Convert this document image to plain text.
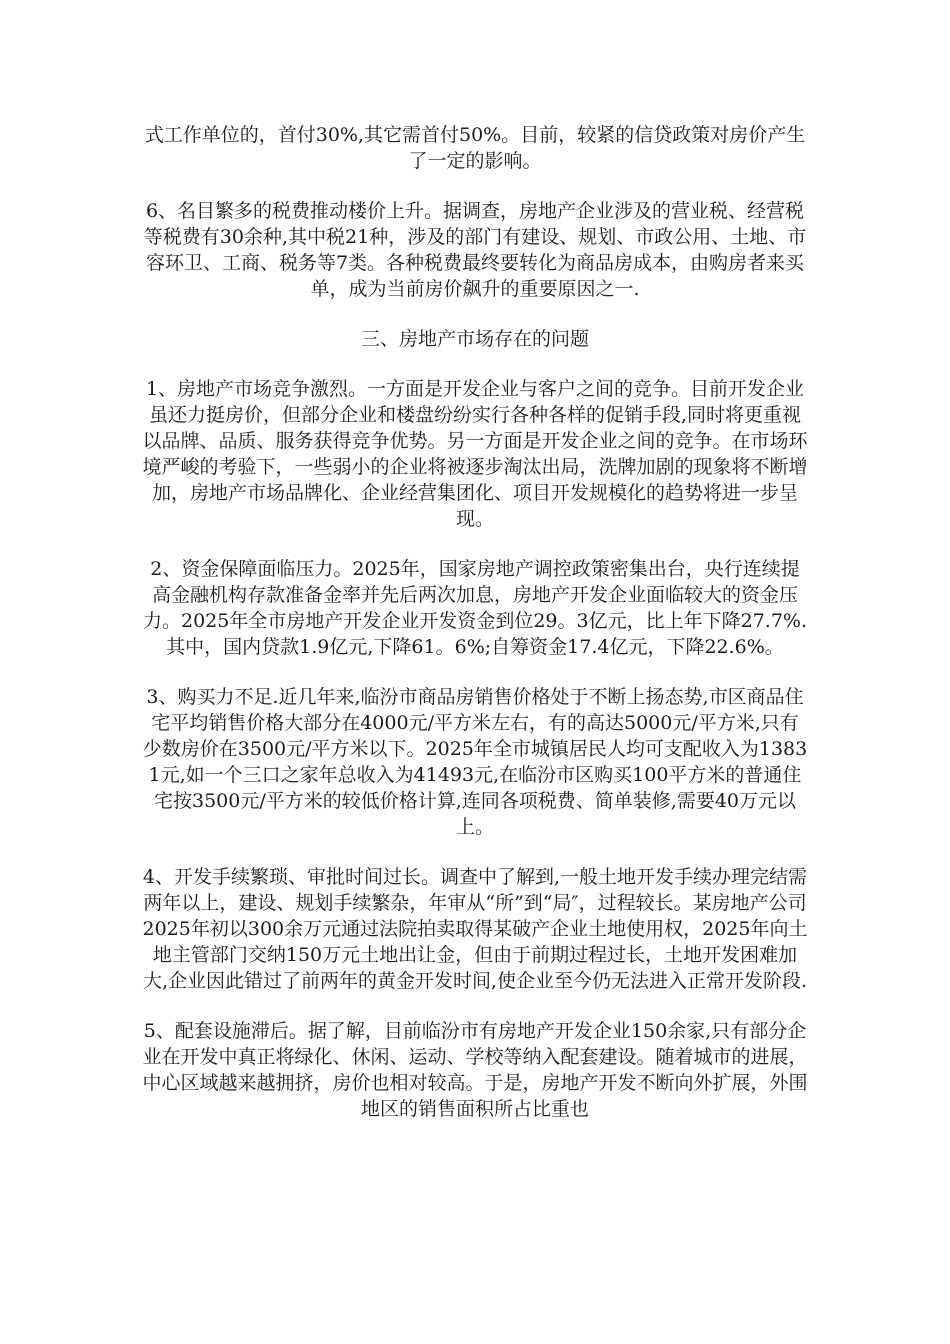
式工作单位的，首付30%,其它需首付50%。目前，较紧的信贷政策对房价产生了一定的影响。

6、名目繁多的税费推动楼价上升。据调查，房地产企业涉及的营业税、经营税等税费有30余种,其中税21种，涉及的部门有建设、规划、市政公用、土地、市容环卫、工商、税务等7类。各种税费最终要转化为商品房成本，由购房者来买单，成为当前房价飙升的重要原因之一.

三、房地产市场存在的问题

1、房地产市场竞争激烈。一方面是开发企业与客户之间的竞争。目前开发企业虽还力挺房价，但部分企业和楼盘纷纷实行各种各样的促销手段,同时将更重视以品牌、品质、服务获得竞争优势。另一方面是开发企业之间的竞争。在市场环境严峻的考验下，一些弱小的企业将被逐步淘汰出局，洗牌加剧的现象将不断增加，房地产市场品牌化、企业经营集团化、项目开发规模化的趋势将进一步呈现。

2、资金保障面临压力。2025年，国家房地产调控政策密集出台，央行连续提高金融机构存款准备金率并先后两次加息，房地产开发企业面临较大的资金压力。2025年全市房地产开发企业开发资金到位29。3亿元，比上年下降27.7%.其中，国内贷款1.9亿元,下降61。6%;自筹资金17.4亿元，下降22.6%。

3、购买力不足.近几年来,临汾市商品房销售价格处于不断上扬态势,市区商品住宅平均销售价格大部分在4000元/平方米左右，有的高达5000元/平方米,只有少数房价在3500元/平方米以下。2025年全市城镇居民人均可支配收入为13831元,如一个三口之家年总收入为41493元,在临汾市区购买100平方米的普通住宅按3500元/平方米的较低价格计算,连同各项税费、简单装修,需要40万元以上。

4、开发手续繁琐、审批时间过长。调查中了解到,一般土地开发手续办理完结需两年以上，建设、规划手续繁杂，年审从“所”到“局″，过程较长。某房地产公司2025年初以300余万元通过法院拍卖取得某破产企业土地使用权，2025年向土地主管部门交纳150万元土地出让金，但由于前期过程过长，土地开发困难加大,企业因此错过了前两年的黄金开发时间,使企业至今仍无法进入正常开发阶段.

5、配套设施滞后。据了解，目前临汾市有房地产开发企业150余家,只有部分企业在开发中真正将绿化、休闲、运动、学校等纳入配套建设。随着城市的进展，中心区域越来越拥挤，房价也相对较高。于是，房地产开发不断向外扩展，外围地区的销售面积所占比重也
